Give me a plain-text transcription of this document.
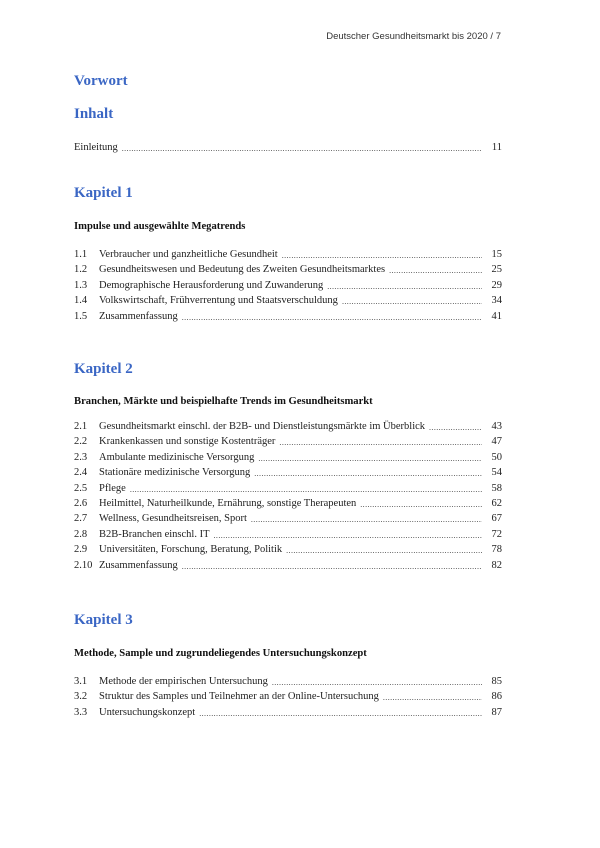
Deutscher Gesundheitsmarkt bis 2020 / 7
Vorwort
Inhalt
Einleitung .....	11
Kapitel 1

Impulse und ausgewählte Megatrends

1.1	Verbraucher und ganzheitliche Gesundheit .....	15
1.2	Gesundheitswesen und Bedeutung des Zweiten Gesundheitsmarktes .....	25
1.3	Demographische Herausforderung und Zuwanderung .....	29
1.4	Volkswirtschaft, Frühverrentung und Staatsverschuldung .....	34
1.5	Zusammenfassung .....	41
Kapitel 2

Branchen, Märkte und beispielhafte Trends im Gesundheitsmarkt

2.1	Gesundheitsmarkt einschl. der B2B- und Dienstleistungsmärkte im Überblick .....	43
2.2	Krankenkassen und sonstige Kostenträger .....	47
2.3	Ambulante medizinische Versorgung .....	50
2.4	Stationäre medizinische Versorgung .....	54
2.5	Pflege .....	58
2.6	Heilmittel, Naturheilkunde, Ernährung, sonstige Therapeuten .....	62
2.7	Wellness, Gesundheitsreisen, Sport .....	67
2.8	B2B-Branchen einschl. IT .....	72
2.9	Universitäten, Forschung, Beratung, Politik .....	78
2.10 Zusammenfassung .....	82
Kapitel 3

Methode, Sample und zugrundeliegendes Untersuchungskonzept

3.1	Methode der empirischen Untersuchung .....	85
3.2	Struktur des Samples und Teilnehmer an der Online-Untersuchung .....	86
3.3	Untersuchungskonzept .....	87
